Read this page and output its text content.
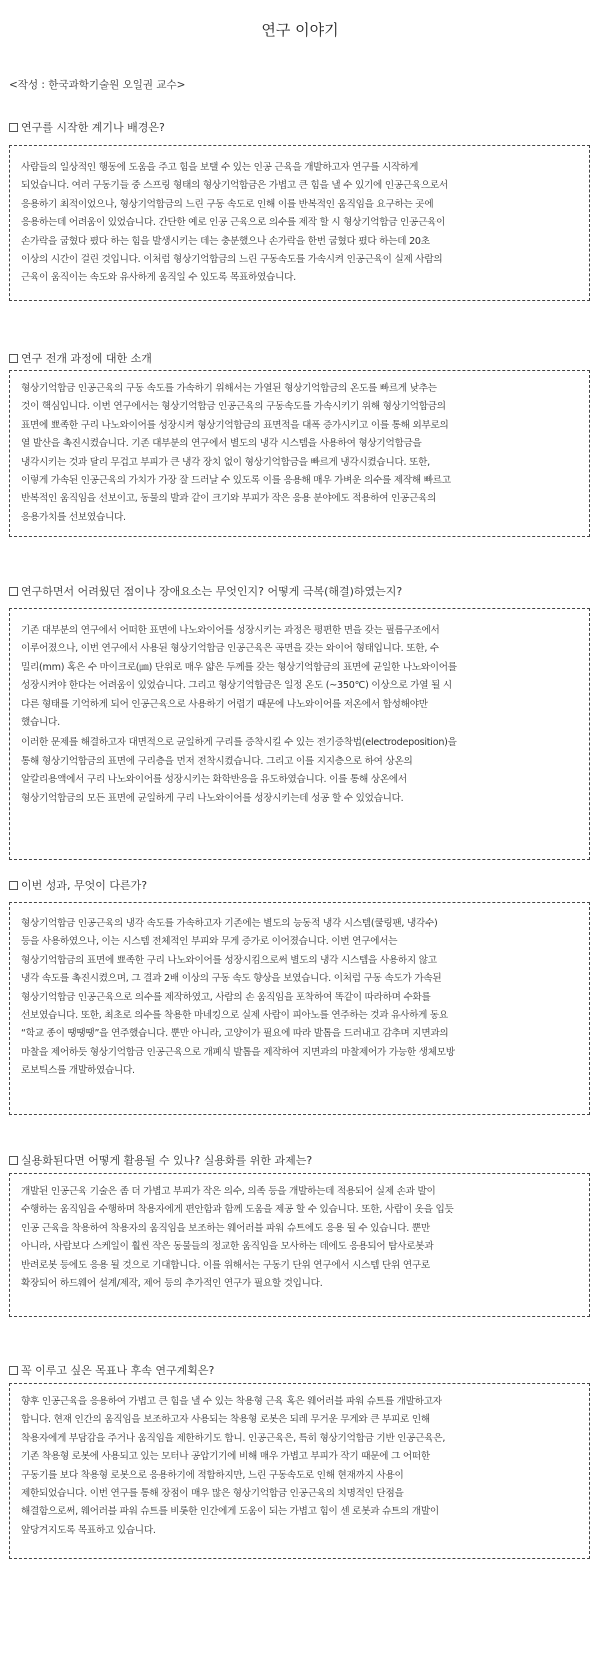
연구 이야기

<작성 : 한국과학기술원 오일권 교수>

연구를 시작한 계기나 배경은?

사람들의 일상적인 행동에 도움을 주고 힘을 보탤 수 있는 인공 근육을 개발하고자 연구를 시작하게
되었습니다. 여러 구동기들 중 스프링 형태의 형상기억합금은 가볍고 큰 힘을 낼 수 있기에 인공근육으로서
응용하기 최적이었으나, 형상기억합금의 느린 구동 속도로 인해 이를 반복적인 움직임을 요구하는 곳에
응용하는데 어려움이 있었습니다. 간단한 예로 인공 근육으로 의수를 제작 할 시 형상기억합금 인공근육이
손가락을 굽혔다 폈다 하는 힘을 발생시키는 데는 충분했으나 손가락을 한번 굽혔다 폈다 하는데 20초
이상의 시간이 걸린 것입니다. 이처럼 형상기억합금의 느린 구동속도를 가속시켜 인공근육이 실제 사람의
근육이 움직이는 속도와 유사하게 움직일 수 있도록 목표하였습니다.

연구 전개 과정에 대한 소개

형상기억합금 인공근육의 구동 속도를 가속하기 위해서는 가열된 형상기억합금의 온도를 빠르게 낮추는
것이 핵심입니다. 이번 연구에서는 형상기억합금 인공근육의 구동속도를 가속시키기 위해 형상기억합금의
표면에 뾰족한 구리 나노와이어를 성장시켜 형상기억합금의 표면적을 대폭 증가시키고 이를 통해 외부로의
열 발산을 촉진시켰습니다. 기존 대부분의 연구에서 별도의 냉각 시스템을 사용하여 형상기억합금을
냉각시키는 것과 달리 무겁고 부피가 큰 냉각 장치 없이 형상기억합금을 빠르게 냉각시켰습니다. 또한,
이렇게 가속된 인공근육의 가치가 가장 잘 드러날 수 있도록 이를 응용해 매우 가벼운 의수를 제작해 빠르고
반복적인 움직임을 선보이고, 동물의 발과 같이 크기와 부피가 작은 응용 분야에도 적용하여 인공근육의
응용가치를 선보였습니다.

연구하면서 어려웠던 점이나 장애요소는 무엇인지? 어떻게 극복(해결)하였는지?

기존 대부분의 연구에서 어떠한 표면에 나노와이어를 성장시키는 과정은 평편한 면을 갖는 필름구조에서
이루어졌으나, 이번 연구에서 사용된 형상기억합금 인공근육은 곡면을 갖는 와이어 형태입니다. 또한, 수
밀리(mm) 혹은 수 마이크로(㎛) 단위로 매우 얇은 두께를 갖는 형상기억합금의 표면에 균일한 나노와이어를
성장시켜야 한다는 어려움이 있었습니다. 그리고 형상기억합금은 일정 온도 (~350℃) 이상으로 가열 될 시
다른 형태를 기억하게 되어 인공근육으로 사용하기 어렵기 때문에 나노와이어를 저온에서 합성해야만
했습니다.

이러한 문제를 해결하고자 대면적으로 균일하게 구리를 증착시킬 수 있는 전기증착법(electrodeposition)을
통해 형상기억합금의 표면에 구리층을 먼저 전착시켰습니다. 그리고 이를 지지층으로 하여 상온의
알칼리용액에서 구리 나노와이어를 성장시키는 화학반응을 유도하였습니다. 이를 통해 상온에서
형상기억합금의 모든 표면에 균일하게 구리 나노와이어를 성장시키는데 성공 할 수 있었습니다.

이번 성과, 무엇이 다른가?

형상기억합금 인공근육의 냉각 속도를 가속하고자 기존에는 별도의 능동적 냉각 시스템(쿨링팬, 냉각수)
등을 사용하였으나, 이는 시스템 전체적인 부피와 무게 증가로 이어졌습니다. 이번 연구에서는
형상기억합금의 표면에 뾰족한 구리 나노와이어를 성장시킴으로써 별도의 냉각 시스템을 사용하지 않고
냉각 속도를 촉진시켰으며, 그 결과 2배 이상의 구동 속도 향상을 보였습니다. 이처럼 구동 속도가 가속된
형상기억합금 인공근육으로 의수를 제작하였고, 사람의 손 움직임을 포착하여 똑같이 따라하며 수화를
선보였습니다. 또한, 최초로 의수를 착용한 마네킹으로 실제 사람이 피아노를 연주하는 것과 유사하게 동요
“학교 종이 땡땡땡”을 연주했습니다. 뿐만 아니라, 고양이가 필요에 따라 발톱을 드러내고 감추며 지면과의
마찰을 제어하듯 형상기억합금 인공근육으로 개폐식 발톱을 제작하여 지면과의 마찰제어가 가능한 생체모방
로보틱스를 개발하였습니다.

실용화된다면 어떻게 활용될 수 있나? 실용화를 위한 과제는?

개발된 인공근육 기술은 좀 더 가볍고 부피가 작은 의수, 의족 등을 개발하는데 적용되어 실제 손과 발이
수행하는 움직임을 수행하며 착용자에게 편안함과 함께 도움을 제공 할 수 있습니다. 또한, 사람이 옷을 입듯
인공 근육을 착용하여 착용자의 움직임을 보조하는 웨어러블 파워 슈트에도 응용 될 수 있습니다. 뿐만
아니라, 사람보다 스케일이 훨씬 작은 동물들의 정교한 움직임을 모사하는 데에도 응용되어 탐사로봇과
반려로봇 등에도 응용 될 것으로 기대합니다. 이를 위해서는 구동기 단위 연구에서 시스템 단위 연구로
확장되어 하드웨어 설계/제작, 제어 등의 추가적인 연구가 필요할 것입니다.

꼭 이루고 싶은 목표나 후속 연구계획은?

향후 인공근육을 응용하여 가볍고 큰 힘을 낼 수 있는 착용형 근육 혹은 웨어러블 파워 슈트를 개발하고자
합니다. 현재 인간의 움직임을 보조하고자 사용되는 착용형 로봇은 되레 무거운 무게와 큰 부피로 인해
착용자에게 부담감을 주거나 움직임을 제한하기도 합니. 인공근육은, 특히 형상기억합금 기반 인공근육은,
기존 착용형 로봇에 사용되고 있는 모터나 공압기기에 비해 매우 가볍고 부피가 작기 때문에 그 어떠한
구동기를 보다 착용형 로봇으로 응용하기에 적합하지만, 느린 구동속도로 인해 현재까지 사용이
제한되었습니다. 이번 연구를 통해 장점이 매우 많은 형상기억합금 인공근육의 치명적인 단점을
해결함으로써, 웨어러블 파워 슈트를 비롯한 인간에게 도움이 되는 가볍고 힘이 센 로봇과 슈트의 개발이
앞당겨지도록 목표하고 있습니다.
